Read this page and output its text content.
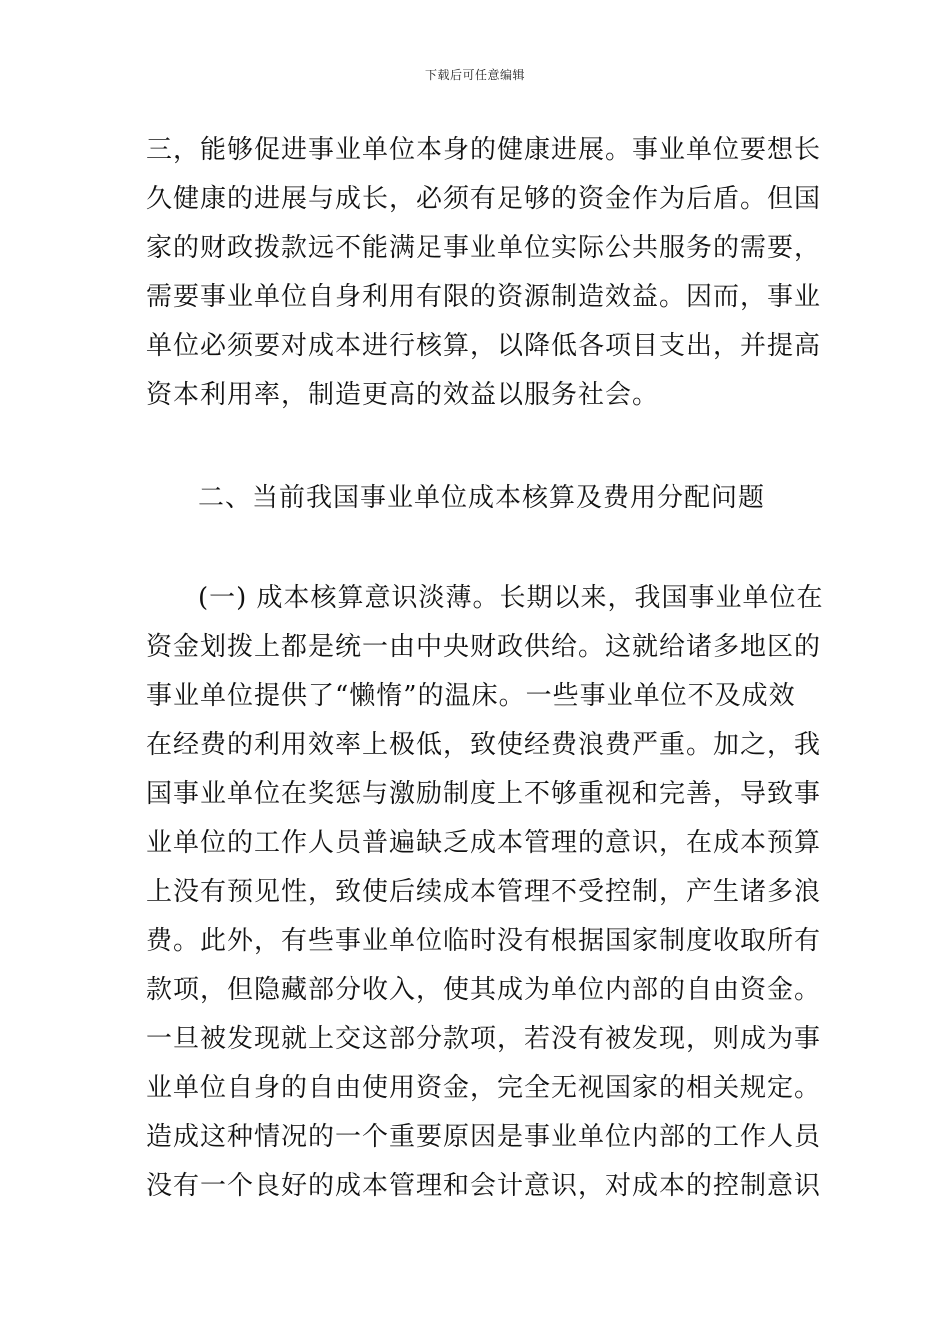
下载后可任意编辑
三，能够促进事业单位本身的健康进展。事业单位要想长
久健康的进展与成长，必须有足够的资金作为后盾。但国
家的财政拨款远不能满足事业单位实际公共服务的需要，
需要事业单位自身利用有限的资源制造效益。因而，事业
单位必须要对成本进行核算，以降低各项目支出，并提高
资本利用率，制造更高的效益以服务社会。
二、当前我国事业单位成本核算及费用分配问题
(一) 成本核算意识淡薄。长期以来，我国事业单位在
资金划拨上都是统一由中央财政供给。这就给诸多地区的
事业单位提供了“懒惰”的温床。一些事业单位不及成效
在经费的利用效率上极低，致使经费浪费严重。加之，我
国事业单位在奖惩与激励制度上不够重视和完善，导致事
业单位的工作人员普遍缺乏成本管理的意识，在成本预算
上没有预见性，致使后续成本管理不受控制，产生诸多浪
费。此外，有些事业单位临时没有根据国家制度收取所有
款项，但隐藏部分收入，使其成为单位内部的自由资金。
一旦被发现就上交这部分款项，若没有被发现，则成为事
业单位自身的自由使用资金，完全无视国家的相关规定。
造成这种情况的一个重要原因是事业单位内部的工作人员
没有一个良好的成本管理和会计意识，对成本的控制意识
